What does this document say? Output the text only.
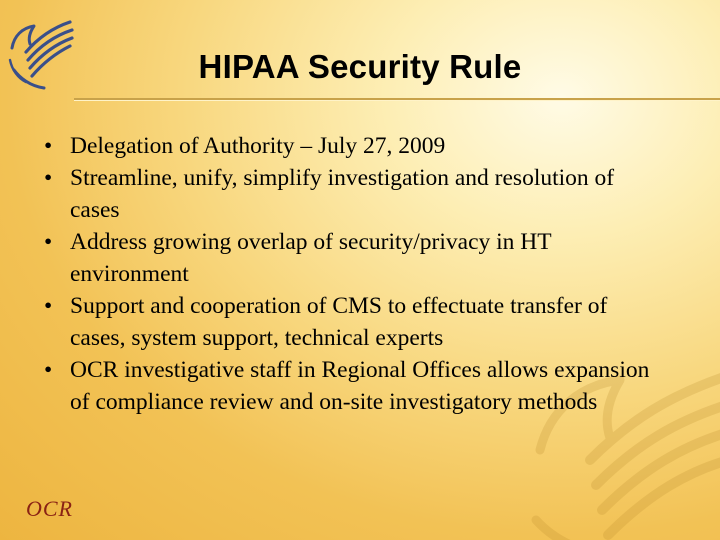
HIPAA Security Rule
• Delegation of Authority – July 27, 2009
• Streamline, unify, simplify investigation and resolution of cases
• Address growing overlap of security/privacy in HT environment
• Support and cooperation of CMS to effectuate transfer of cases, system support, technical experts
• OCR investigative staff in Regional Offices allows expansion of compliance review and on-site investigatory methods
OCR
